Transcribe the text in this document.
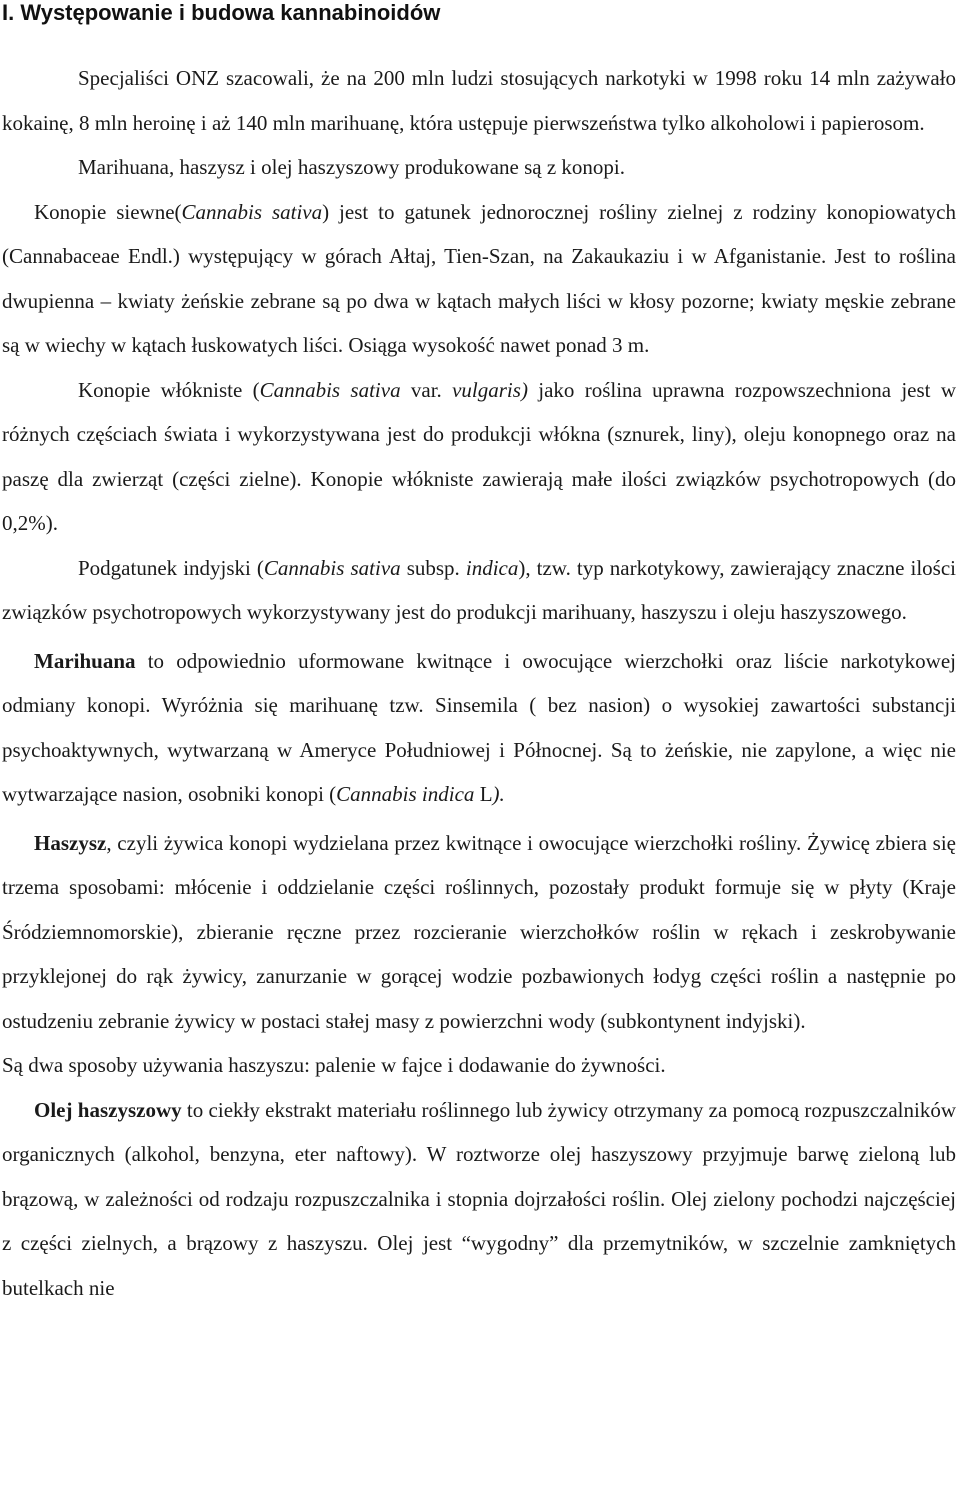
I. Występowanie i budowa kannabinoidów

Specjaliści ONZ szacowali, że na 200 mln ludzi stosujących narkotyki w 1998 roku 14 mln zażywało kokainę, 8 mln heroinę i aż 140 mln marihuanę, która ustępuje pierwszeństwa tylko alkoholowi i papierosom.

Marihuana, haszysz i olej haszyszowy produkowane są z konopi.

Konopie siewne(Cannabis sativa) jest to gatunek jednorocznej rośliny zielnej z rodziny konopiowatych (Cannabaceae Endl.) występujący w górach Ałtaj, Tien-Szan, na Zakaukaziu i w Afganistanie. Jest to roślina dwupienna – kwiaty żeńskie zebrane są po dwa w kątach małych liści w kłosy pozorne; kwiaty męskie zebrane są w wiechy w kątach łuskowatych liści. Osiąga wysokość nawet ponad 3 m.

Konopie włókniste (Cannabis sativa var. vulgaris) jako roślina uprawna rozpowszechniona jest w różnych częściach świata i wykorzystywana jest do produkcji włókna (sznurek, liny), oleju konopnego oraz na paszę dla zwierząt (części zielne). Konopie włókniste zawierają małe ilości związków psychotropowych (do 0,2%).

Podgatunek indyjski (Cannabis sativa subsp. indica), tzw. typ narkotykowy, zawierający znaczne ilości związków psychotropowych wykorzystywany jest do produkcji marihuany, haszyszu i oleju haszyszowego.

Marihuana to odpowiednio uformowane kwitnące i owocujące wierzchołki oraz liście narkotykowej odmiany konopi. Wyróżnia się marihuanę tzw. Sinsemila ( bez nasion) o wysokiej zawartości substancji psychoaktywnych, wytwarzaną w Ameryce Południowej i Północnej. Są to żeńskie, nie zapylone, a więc nie wytwarzające nasion, osobniki konopi (Cannabis indica L).

Haszysz, czyli żywica konopi wydzielana przez kwitnące i owocujące wierzchołki rośliny. Żywicę zbiera się trzema sposobami: młócenie i oddzielanie części roślinnych, pozostały produkt formuje się w płyty (Kraje Śródziemnomorskie), zbieranie ręczne przez rozcieranie wierzchołków roślin w rękach i zeskrobywanie przyklejonej do rąk żywicy, zanurzanie w gorącej wodzie pozbawionych łodyg części roślin a następnie po ostudzeniu zebranie żywicy w postaci stałej masy z powierzchni wody (subkontynent indyjski).

Są dwa sposoby używania haszyszu: palenie w fajce i dodawanie do żywności.

Olej haszyszowy to ciekły ekstrakt materiału roślinnego lub żywicy otrzymany za pomocą rozpuszczalników organicznych (alkohol, benzyna, eter naftowy). W roztworze olej haszyszowy przyjmuje barwę zieloną lub brązową, w zależności od rodzaju rozpuszczalnika i stopnia dojrzałości roślin. Olej zielony pochodzi najczęściej z części zielnych, a brązowy z haszyszu. Olej jest “wygodny” dla przemytników, w szczelnie zamkniętych butelkach nie
